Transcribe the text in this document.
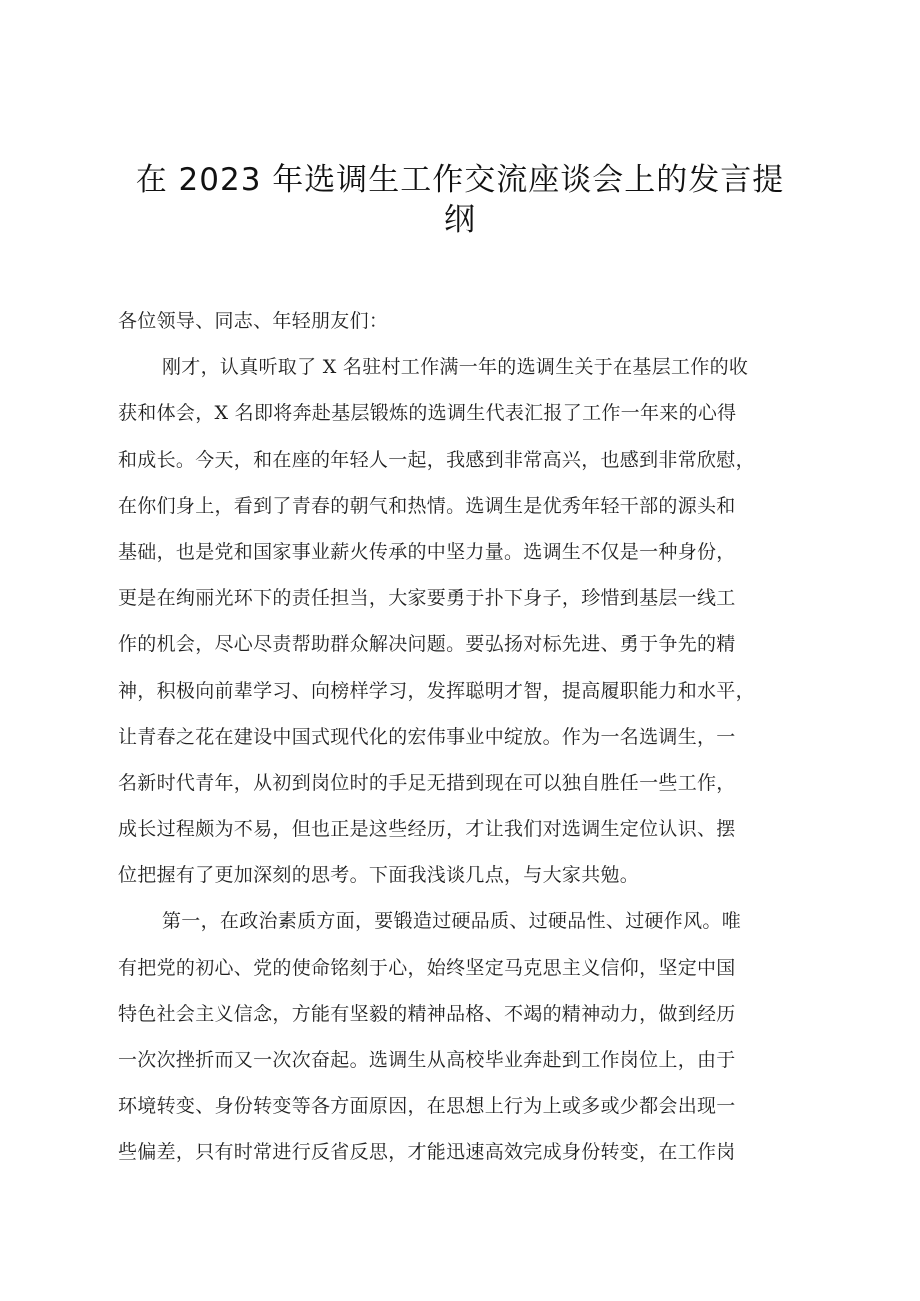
在 2023 年选调生工作交流座谈会上的发言提
纲

各位领导、同志、年轻朋友们：

刚才，认真听取了 X 名驻村工作满一年的选调生关于在基层工作的收
获和体会，X 名即将奔赴基层锻炼的选调生代表汇报了工作一年来的心得
和成长。今天，和在座的年轻人一起，我感到非常高兴，也感到非常欣慰，
在你们身上，看到了青春的朝气和热情。选调生是优秀年轻干部的源头和
基础，也是党和国家事业薪火传承的中坚力量。选调生不仅是一种身份，
更是在绚丽光环下的责任担当，大家要勇于扑下身子，珍惜到基层一线工
作的机会，尽心尽责帮助群众解决问题。要弘扬对标先进、勇于争先的精
神，积极向前辈学习、向榜样学习，发挥聪明才智，提高履职能力和水平，
让青春之花在建设中国式现代化的宏伟事业中绽放。作为一名选调生，一
名新时代青年，从初到岗位时的手足无措到现在可以独自胜任一些工作，
成长过程颇为不易，但也正是这些经历，才让我们对选调生定位认识、摆
位把握有了更加深刻的思考。下面我浅谈几点，与大家共勉。

第一，在政治素质方面，要锻造过硬品质、过硬品性、过硬作风。唯
有把党的初心、党的使命铭刻于心，始终坚定马克思主义信仰，坚定中国
特色社会主义信念，方能有坚毅的精神品格、不竭的精神动力，做到经历
一次次挫折而又一次次奋起。选调生从高校毕业奔赴到工作岗位上，由于
环境转变、身份转变等各方面原因，在思想上行为上或多或少都会出现一
些偏差，只有时常进行反省反思，才能迅速高效完成身份转变，在工作岗
